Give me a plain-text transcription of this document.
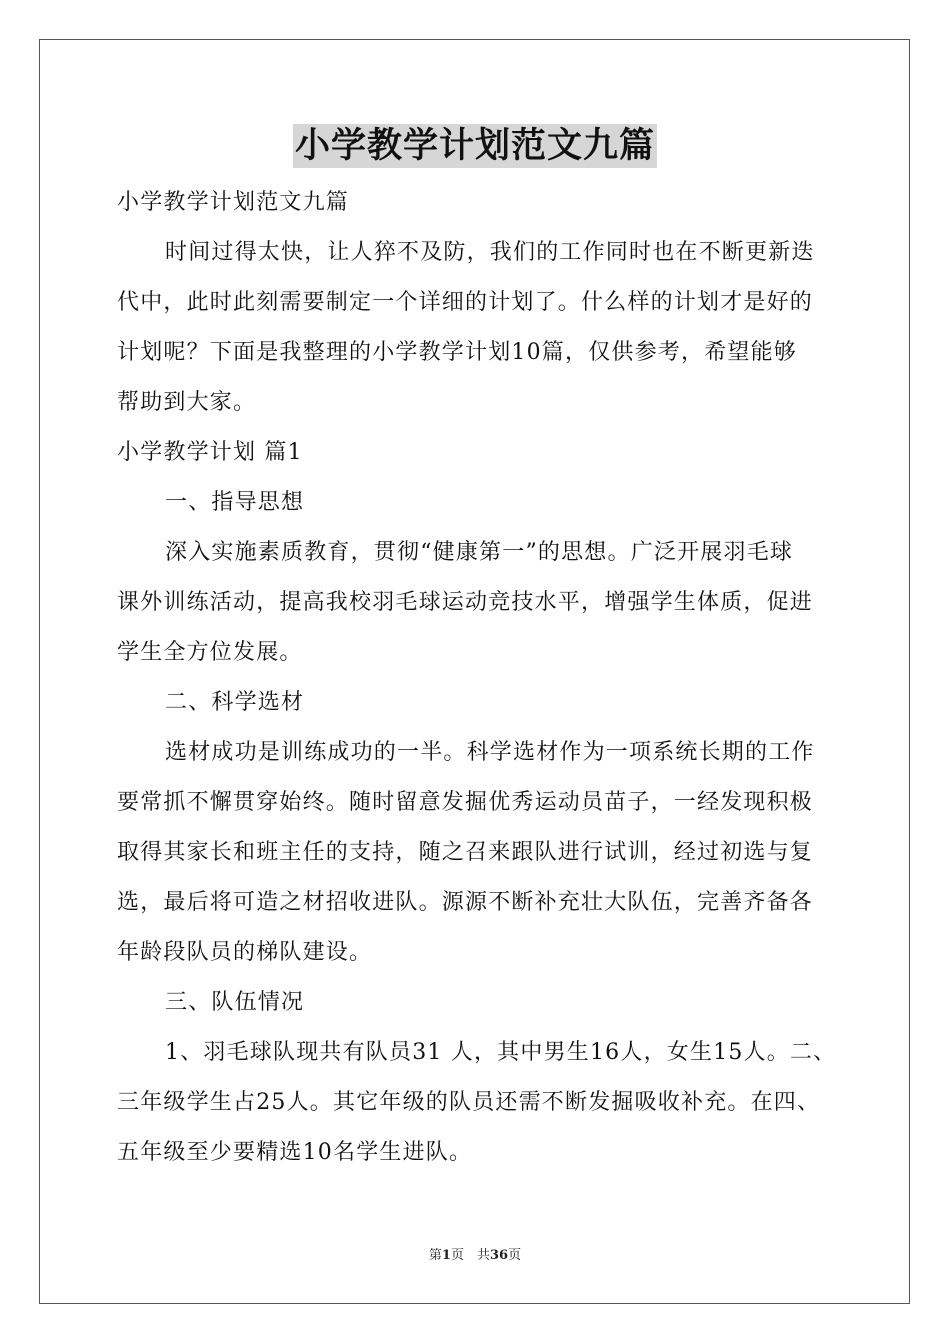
小学教学计划范文九篇
小学教学计划范文九篇
时间过得太快，让人猝不及防，我们的工作同时也在不断更新迭
代中，此时此刻需要制定一个详细的计划了。什么样的计划才是好的
计划呢？下面是我整理的小学教学计划10篇，仅供参考，希望能够
帮助到大家。
小学教学计划 篇1
一、指导思想
深入实施素质教育，贯彻“健康第一”的思想。广泛开展羽毛球
课外训练活动，提高我校羽毛球运动竞技水平，增强学生体质，促进
学生全方位发展。
二、科学选材
选材成功是训练成功的一半。科学选材作为一项系统长期的工作
要常抓不懈贯穿始终。随时留意发掘优秀运动员苗子，一经发现积极
取得其家长和班主任的支持，随之召来跟队进行试训，经过初选与复
选，最后将可造之材招收进队。源源不断补充壮大队伍，完善齐备各
年龄段队员的梯队建设。
三、队伍情况
1、羽毛球队现共有队员31 人，其中男生16人，女生15人。二、
三年级学生占25人。其它年级的队员还需不断发掘吸收补充。在四、
五年级至少要精选10名学生进队。
第1页　共36页
